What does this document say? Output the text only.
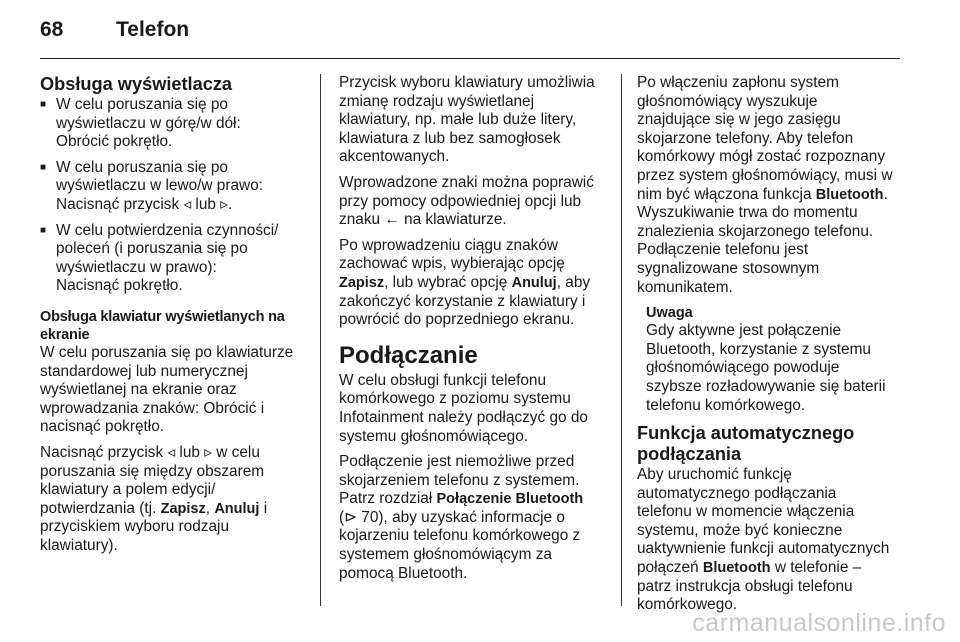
68	Telefon
Obsługa wyświetlacza
■ W celu poruszania się po
wyświetlaczu w górę/w dół:
Obrócić pokrętło.
■ W celu poruszania się po
wyświetlaczu w lewo/w prawo:
Nacisnąć przycisk ◃ lub ▹.
■ W celu potwierdzenia czynności/
poleceń (i poruszania się po
wyświetlaczu w prawo):
Nacisnąć pokrętło.
Obsługa klawiatur wyświetlanych na
ekranie

W celu poruszania się po klawiaturze
standardowej lub numerycznej
wyświetlanej na ekranie oraz
wprowadzania znaków: Obrócić i
nacisnąć pokrętło.

Nacisnąć przycisk ◃ lub ▹ w celu
poruszania się między obszarem
klawiatury a polem edycji/
potwierdzania (tj. Zapisz, Anuluj i
przyciskiem wyboru rodzaju
klawiatury).

Przycisk wyboru klawiatury umożliwia
zmianę rodzaju wyświetlanej
klawiatury, np. małe lub duże litery,
klawiatura z lub bez samogłosek
akcentowanych.

Wprowadzone znaki można poprawić
przy pomocy odpowiedniej opcji lub
znaku ← na klawiaturze.

Po wprowadzeniu ciągu znaków
zachować wpis, wybierając opcję
Zapisz, lub wybrać opcję Anuluj, aby
zakończyć korzystanie z klawiatury i
powrócić do poprzedniego ekranu.

Podłączanie

W celu obsługi funkcji telefonu
komórkowego z poziomu systemu
Infotainment należy podłączyć go do
systemu głośnomówiącego.

Podłączenie jest niemożliwe przed
skojarzeniem telefonu z systemem.
Patrz rozdział Połączenie Bluetooth
(⊳ 70), aby uzyskać informacje o
kojarzeniu telefonu komórkowego z
systemem głośnomówiącym za
pomocą Bluetooth.

Po włączeniu zapłonu system
głośnomówiący wyszukuje
znajdujące się w jego zasięgu
skojarzone telefony. Aby telefon
komórkowy mógł zostać rozpoznany
przez system głośnomówiący, musi w
nim być włączona funkcja Bluetooth.
Wyszukiwanie trwa do momentu
znalezienia skojarzonego telefonu.
Podłączenie telefonu jest
sygnalizowane stosownym
komunikatem.

Uwaga
Gdy aktywne jest połączenie
Bluetooth, korzystanie z systemu
głośnomówiącego powoduje
szybsze rozładowywanie się baterii
telefonu komórkowego.
Funkcja automatycznego
podłączania

Aby uruchomić funkcję
automatycznego podłączania
telefonu w momencie włączenia
systemu, może być konieczne
uaktywnienie funkcji automatycznych
połączeń Bluetooth w telefonie –
patrz instrukcja obsługi telefonu
komórkowego.

carmanualsonline.info
